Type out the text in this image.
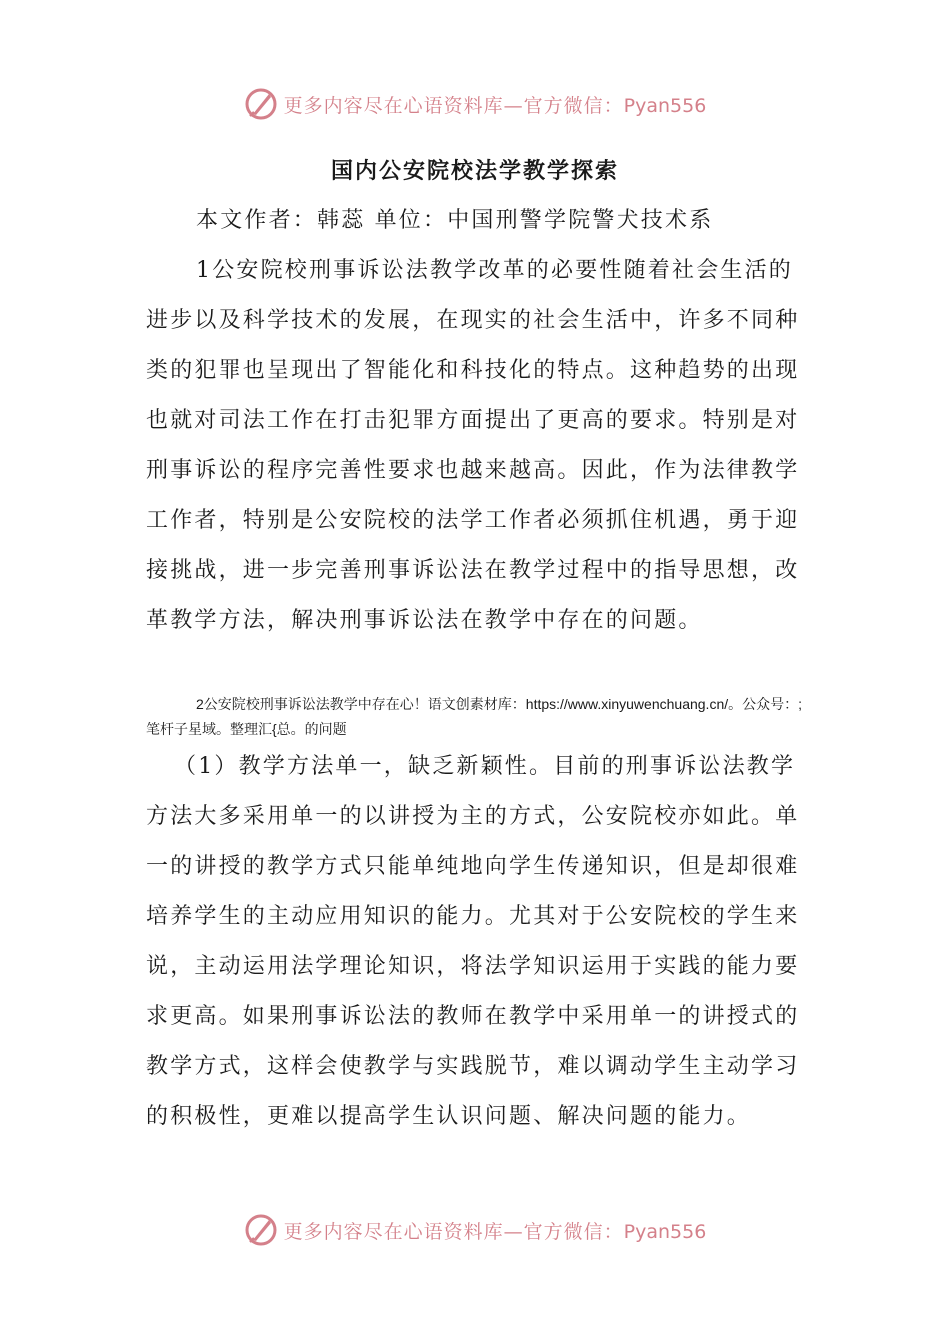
更多内容尽在心语资料库—官方微信：Pyan556
国内公安院校法学教学探索

本文作者：韩蕊 单位：中国刑警学院警犬技术系

1公安院校刑事诉讼法教学改革的必要性随着社会生活的进步以及科学技术的发展，在现实的社会生活中，许多不同种类的犯罪也呈现出了智能化和科技化的特点。这种趋势的出现也就对司法工作在打击犯罪方面提出了更高的要求。特别是对刑事诉讼的程序完善性要求也越来越高。因此，作为法律教学工作者，特别是公安院校的法学工作者必须抓住机遇，勇于迎接挑战，进一步完善刑事诉讼法在教学过程中的指导思想，改革教学方法，解决刑事诉讼法在教学中存在的问题。

2公安院校刑事诉讼法教学中存在心！语文创素材库：https://www.xinyuwenchuang.cn/。公众号：;笔杆子星域。整理汇{总。的问题

（1）教学方法单一，缺乏新颖性。目前的刑事诉讼法教学方法大多采用单一的以讲授为主的方式，公安院校亦如此。单一的讲授的教学方式只能单纯地向学生传递知识，但是却很难培养学生的主动应用知识的能力。尤其对于公安院校的学生来说，主动运用法学理论知识，将法学知识运用于实践的能力要求更高。如果刑事诉讼法的教师在教学中采用单一的讲授式的教学方式，这样会使教学与实践脱节，难以调动学生主动学习的积极性，更难以提高学生认识问题、解决问题的能力。

更多内容尽在心语资料库—官方微信：Pyan556
